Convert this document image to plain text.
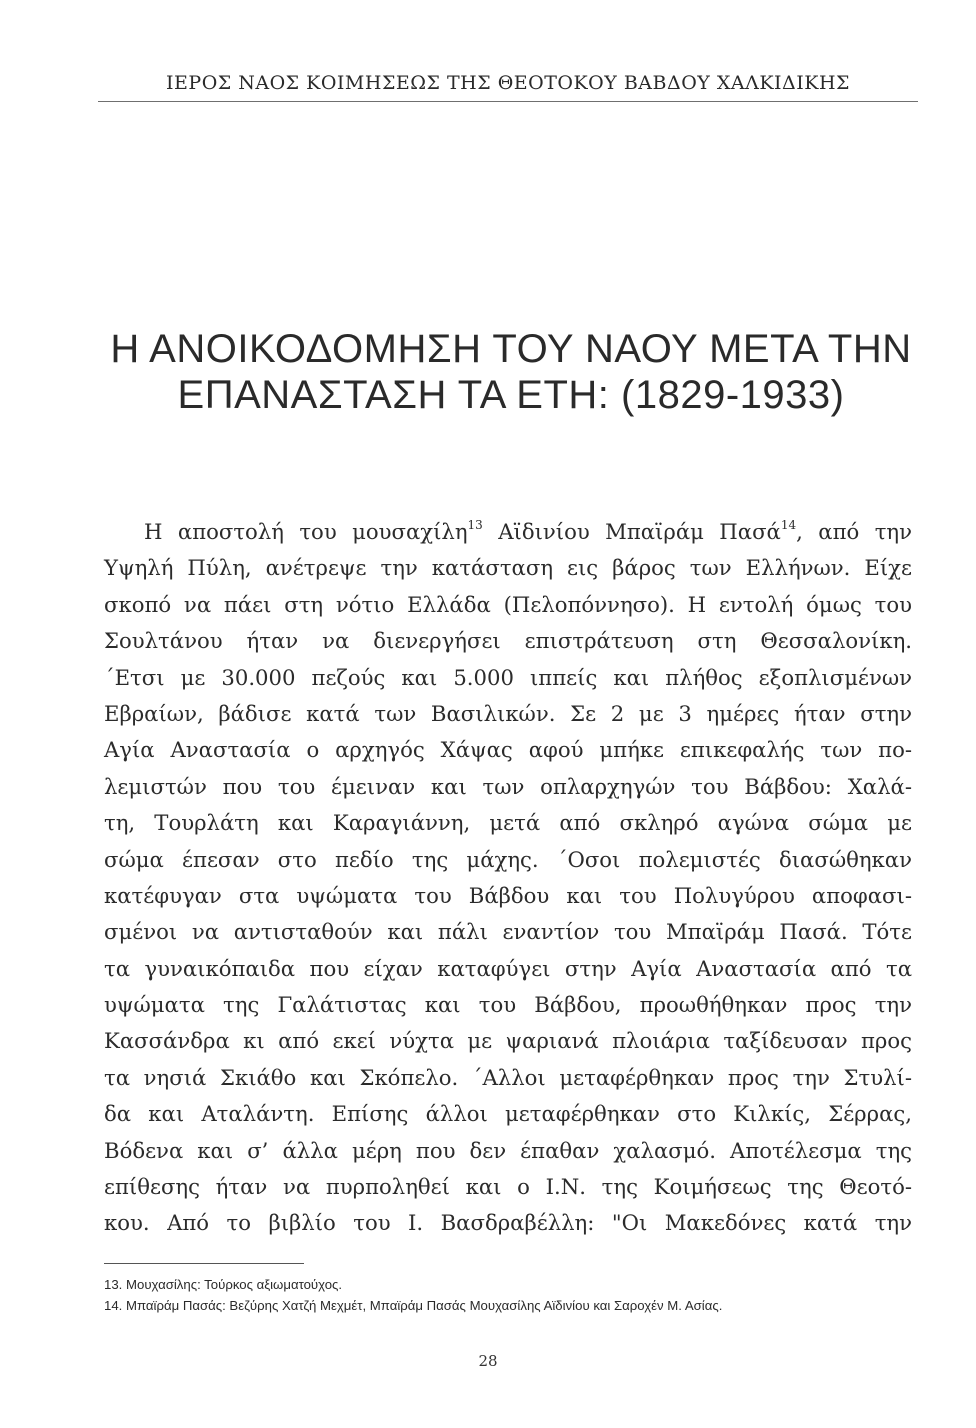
ΙΕΡΟΣ ΝΑΟΣ ΚΟΙΜΗΣΕΩΣ ΤΗΣ ΘΕΟΤΟΚΟΥ ΒΑΒΔΟΥ ΧΑΛΚΙΔΙΚΗΣ
Η ΑΝΟΙΚΟΔΟΜΗΣΗ ΤΟΥ ΝΑΟΥ ΜΕΤΑ ΤΗΝ
ΕΠΑΝΑΣΤΑΣΗ ΤΑ ΕΤΗ: (1829-1933)
Η αποστολή του μουσαχίλη$^{13}$ Αϊδινίου Μπαϊράμ Πασά$^{14}$, από την
Υψηλή Πύλη, ανέτρεψε την κατάσταση εις βάρος των Ελλήνων. Είχε
σκοπό να πάει στη νότιο Ελλάδα (Πελοπόννησο). Η εντολή όμως του
Σουλτάνου ήταν να διενεργήσει επιστράτευση στη Θεσσαλονίκη.
΄Ετσι με 30.000 πεζούς και 5.000 ιππείς και πλήθος εξοπλισμένων
Εβραίων, βάδισε κατά των Βασιλικών. Σε 2 με 3 ημέρες ήταν στην
Αγία Αναστασία ο αρχηγός Χάψας αφού μπήκε επικεφαλής των πο-
λεμιστών που του έμειναν και των οπλαρχηγών του Βάβδου: Χαλά-
τη, Τουρλάτη και Καραγιάννη, μετά από σκληρό αγώνα σώμα με
σώμα έπεσαν στο πεδίο της μάχης. ΄Οσοι πολεμιστές διασώθηκαν
κατέφυγαν στα υψώματα του Βάβδου και του Πολυγύρου αποφασι-
σμένοι να αντισταθούν και πάλι εναντίον του Μπαϊράμ Πασά. Τότε
τα γυναικόπαιδα που είχαν καταφύγει στην Αγία Αναστασία από τα
υψώματα της Γαλάτιστας και του Βάβδου, προωθήθηκαν προς την
Κασσάνδρα κι από εκεί νύχτα με ψαριανά πλοιάρια ταξίδευσαν προς
τα νησιά Σκιάθο και Σκόπελο. ΄Αλλοι μεταφέρθηκαν προς την Στυλί-
δα και Αταλάντη. Επίσης άλλοι μεταφέρθηκαν στο Κιλκίς, Σέρρας,
Βόδενα και σ’ άλλα μέρη που δεν έπαθαν χαλασμό. Αποτέλεσμα της
επίθεσης ήταν να πυρποληθεί και ο Ι.Ν. της Κοιμήσεως της Θεοτό-
κου. Από το βιβλίο του Ι. Βασδραβέλλη: "Οι Μακεδόνες κατά την
13. Μουχασίλης: Τούρκος αξιωματούχος.
14. Μπαϊράμ Πασάς: Βεζύρης Χατζή Μεχμέτ, Μπαϊράμ Πασάς Μουχασίλης Αϊδινίου και Σαροχέν Μ. Ασίας.
28
